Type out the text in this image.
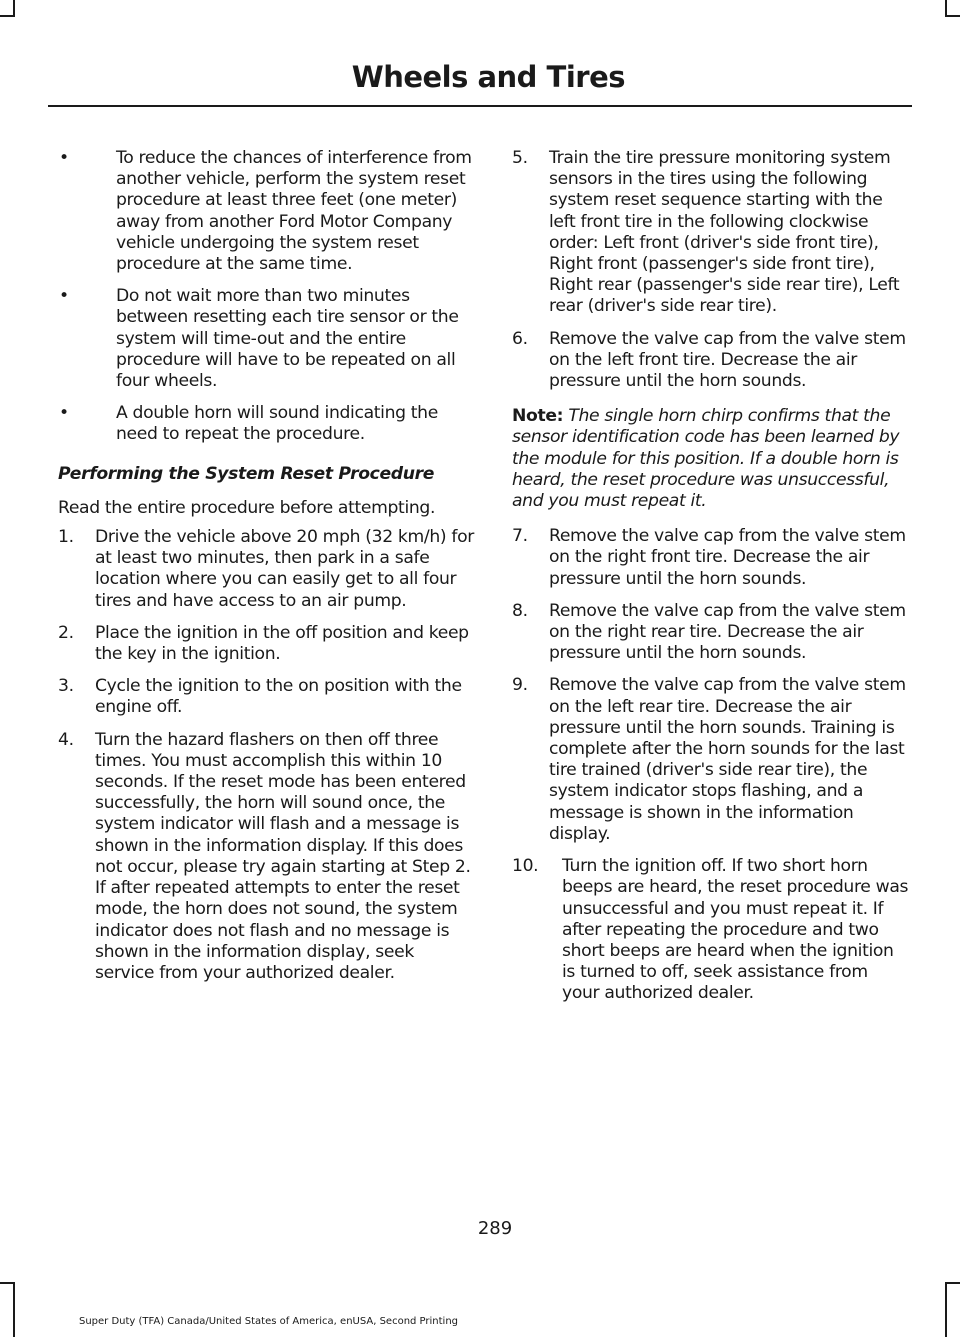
Wheels and Tires
•	To reduce the chances of interference from another vehicle, perform the system reset procedure at least three feet (one meter) away from another Ford Motor Company vehicle undergoing the system reset procedure at the same time.
•	Do not wait more than two minutes between resetting each tire sensor or the system will time-out and the entire procedure will have to be repeated on all four wheels.
•	A double horn will sound indicating the need to repeat the procedure.
Performing the System Reset Procedure

Read the entire procedure before attempting.

1. Drive the vehicle above 20 mph (32 km/h) for at least two minutes, then park in a safe location where you can easily get to all four tires and have access to an air pump.
2. Place the ignition in the off position and keep the key in the ignition.
3. Cycle the ignition to the on position with the engine off.
4. Turn the hazard flashers on then off three times. You must accomplish this within 10 seconds. If the reset mode has been entered successfully, the horn will sound once, the system indicator will flash and a message is shown in the information display. If this does not occur, please try again starting at Step 2. If after repeated attempts to enter the reset mode, the horn does not sound, the system indicator does not flash and no message is shown in the information display, seek service from your authorized dealer.
5. Train the tire pressure monitoring system sensors in the tires using the following system reset sequence starting with the left front tire in the following clockwise order: Left front (driver's side front tire), Right front (passenger's side front tire), Right rear (passenger's side rear tire), Left rear (driver's side rear tire).
6. Remove the valve cap from the valve stem on the left front tire. Decrease the air pressure until the horn sounds.
Note: The single horn chirp confirms that the sensor identification code has been learned by the module for this position. If a double horn is heard, the reset procedure was unsuccessful, and you must repeat it.
7. Remove the valve cap from the valve stem on the right front tire. Decrease the air pressure until the horn sounds.
8. Remove the valve cap from the valve stem on the right rear tire. Decrease the air pressure until the horn sounds.
9. Remove the valve cap from the valve stem on the left rear tire. Decrease the air pressure until the horn sounds. Training is complete after the horn sounds for the last tire trained (driver's side rear tire), the system indicator stops flashing, and a message is shown in the information display.
10. Turn the ignition off. If two short horn beeps are heard, the reset procedure was unsuccessful and you must repeat it. If after repeating the procedure and two short beeps are heard when the ignition is turned to off, seek assistance from your authorized dealer.
289
Super Duty (TFA) Canada/United States of America, enUSA, Second Printing
